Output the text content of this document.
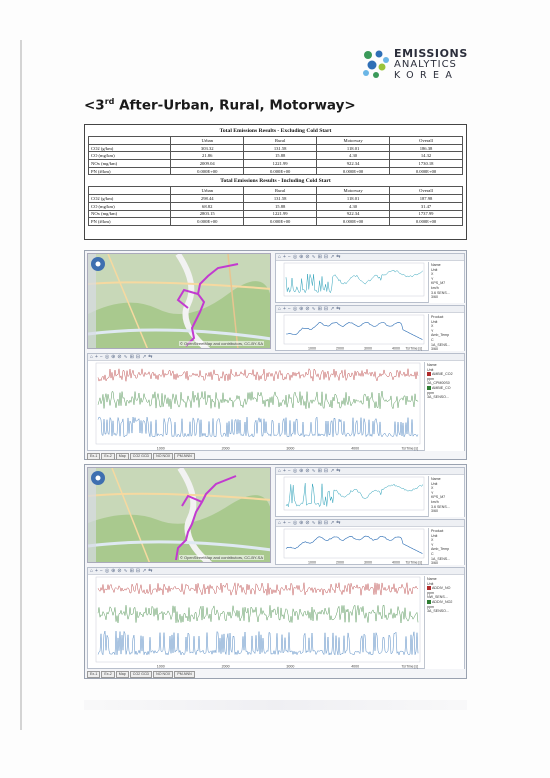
EMISSIONS
ANALYTICS
KOREA
<3rd After-Urban, Rural, Motorway>
Total Emissions Results - Excluding Cold Start
	Urban	Rural	Motorway	Overall
CO2 (g/km)	303.32	131.58	118.01	186.38
CO (mg/km)	21.86	15.88	4.30	14.32
NOx (mg/km)	2009.04	1221.99	922.34	1730.18
PN (#/km)	0.000E+00	0.000E+00	0.000E+00	0.000E+00
Total Emissions Results - Including Cold Start
	Urban	Rural	Motorway	Overall
CO2 (g/km)	298.44	131.58	118.01	187.98
CO (mg/km)	68.82	15.88	4.30	31.47
NOx (mg/km)	2803.15	1221.99	922.34	1737.99
PN (#/km)	0.000E+00	0.000E+00	0.000E+00	0.000E+00
© OpenStreetMap and contributors, CC-BY-SA
⌂ + − ◎ ⊕ ⊘ ∿ ⊞ ⊟ ↗ ⇆
Name
Unit
X
Y
KPS_M7
km/h
3.6 SENS...
3/60
⌂ + − ◎ ⊕ ⊘ ∿ ⊞ ⊟ ↗ ⇆
1000	2000	3000	4000 TsrTime [s]
Product
Unit
X
Y
Amb_Temp
C
1A_SENS...
3/60
⌂ + − ◎ ⊕ ⊘ ∿ ⊞ ⊟ ↗ ⇆
1000	2000	3000	4000	TsrTime [s]
Name
Unit
AMBIE_CO2
ppm
3A_CPM00S0
AMBIE_CO
ppm
3A_SENSO...
Ex-1 Ex-2 Map CO2 GCD NO NOX PM-NNN
© OpenStreetMap and contributors, CC-BY-SA
⌂ + − ◎ ⊕ ⊘ ∿ ⊞ ⊟ ↗ ⇆
Name
Unit
X
Y
KPS_M7
km/h
3.6 SENS...
3/60
⌂ + − ◎ ⊕ ⊘ ∿ ⊞ ⊟ ↗ ⇆
1000	2000	3000	4000 TsrTime [s]
Product
Unit
X
Y
Amb_Temp
C
1A_SENS...
3/60
⌂ + − ◎ ⊕ ⊘ ∿ ⊞ ⊟ ↗ ⇆
1000	2000	3000	4000	TsrTime [s]
Name
Unit
ADDIV_NO
ppm
NW_SENS...
ADDIV_NO2
ppm
3A_SENSO...
Ex-1 Ex-2 Map CO2 GCD NO NOX PM-NNN
